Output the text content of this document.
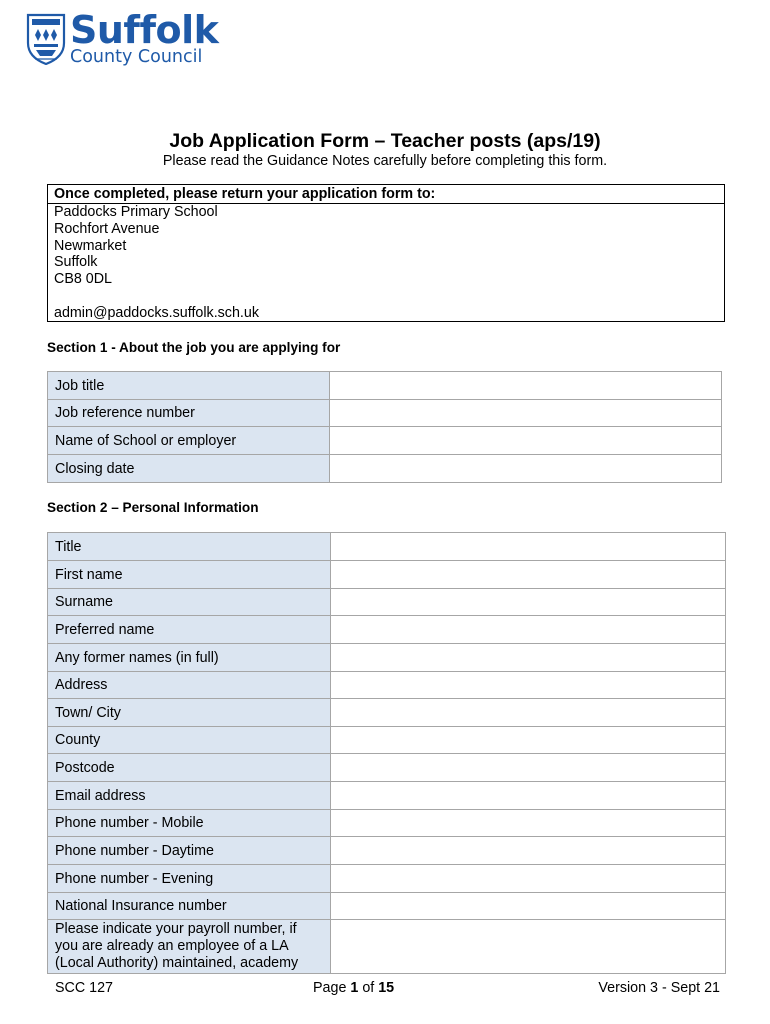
Suffolk
County Council
Job Application Form – Teacher posts (aps/19)
Please read the Guidance Notes carefully before completing this form.
Once completed, please return your application form to:
Paddocks Primary School
Rochfort Avenue
Newmarket
Suffolk
CB8 0DL
admin@paddocks.suffolk.sch.uk
Section 1 - About the job you are applying for
Job title	
Job reference number	
Name of School or employer	
Closing date	
Section 2 – Personal Information
Title	
First name	
Surname	
Preferred name	
Any former names (in full)	
Address	
Town/ City	
County	
Postcode	
Email address	
Phone number - Mobile	
Phone number - Daytime	
Phone number - Evening	
National Insurance number	

Please indicate your payroll number, if
you are already an employee of a LA
(Local Authority) maintained, academy	

SCC 127	Page 1 of 15	Version 3 - Sept 21
